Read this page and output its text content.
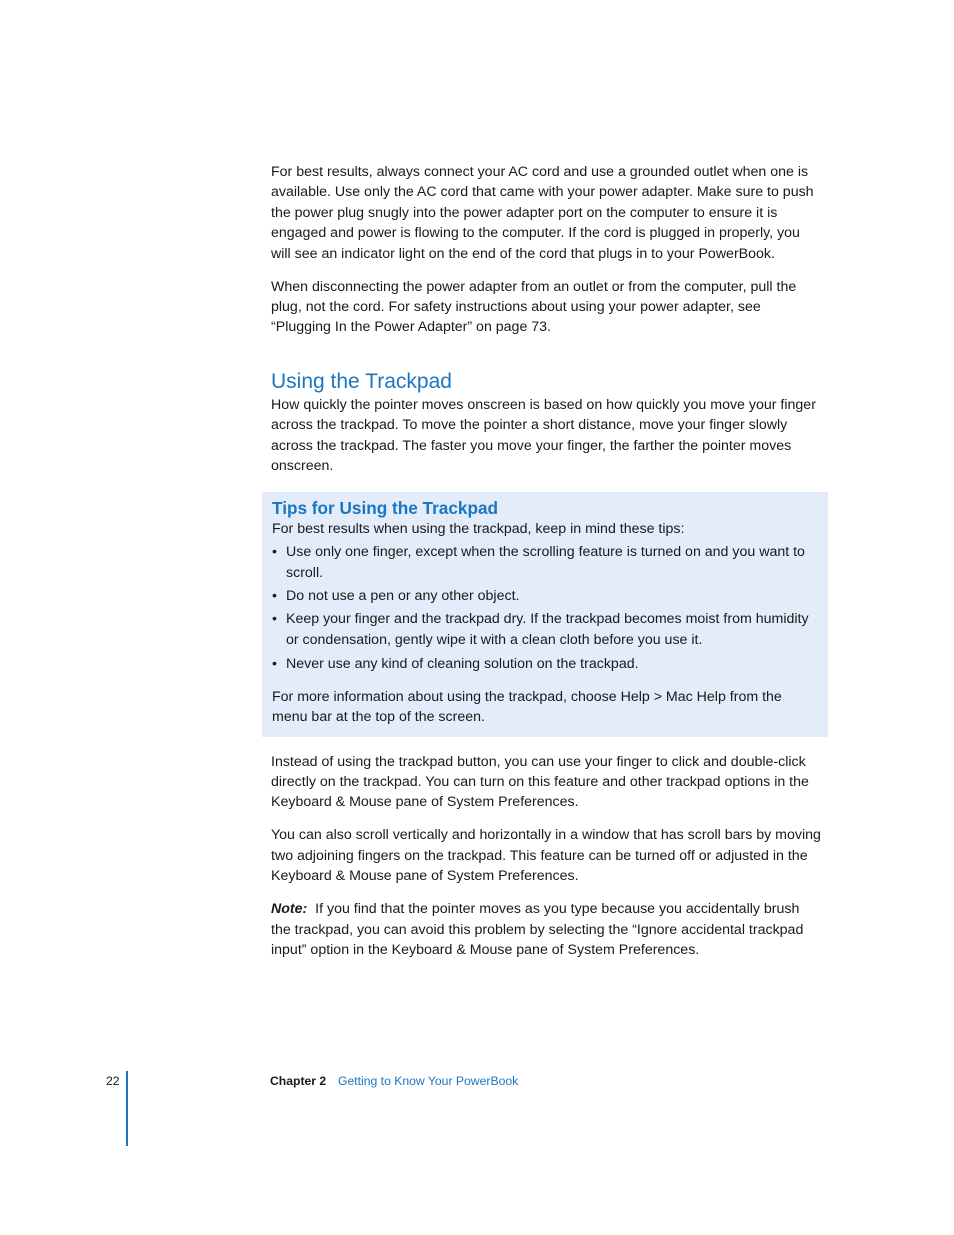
For best results, always connect your AC cord and use a grounded outlet when one is available. Use only the AC cord that came with your power adapter. Make sure to push the power plug snugly into the power adapter port on the computer to ensure it is engaged and power is flowing to the computer. If the cord is plugged in properly, you will see an indicator light on the end of the cord that plugs in to your PowerBook.

When disconnecting the power adapter from an outlet or from the computer, pull the plug, not the cord. For safety instructions about using your power adapter, see “Plugging In the Power Adapter” on page 73.

Using the Trackpad

How quickly the pointer moves onscreen is based on how quickly you move your finger across the trackpad. To move the pointer a short distance, move your finger slowly across the trackpad. The faster you move your finger, the farther the pointer moves onscreen.

Tips for Using the Trackpad

For best results when using the trackpad, keep in mind these tips:

• Use only one finger, except when the scrolling feature is turned on and you want to scroll.
• Do not use a pen or any other object.
• Keep your finger and the trackpad dry. If the trackpad becomes moist from humidity or condensation, gently wipe it with a clean cloth before you use it.
• Never use any kind of cleaning solution on the trackpad.

For more information about using the trackpad, choose Help > Mac Help from the menu bar at the top of the screen.

Instead of using the trackpad button, you can use your finger to click and double-click directly on the trackpad. You can turn on this feature and other trackpad options in the Keyboard & Mouse pane of System Preferences.

You can also scroll vertically and horizontally in a window that has scroll bars by moving two adjoining fingers on the trackpad. This feature can be turned off or adjusted in the Keyboard & Mouse pane of System Preferences.

Note: If you find that the pointer moves as you type because you accidentally brush the trackpad, you can avoid this problem by selecting the “Ignore accidental trackpad input” option in the Keyboard & Mouse pane of System Preferences.

22	Chapter 2 Getting to Know Your PowerBook
